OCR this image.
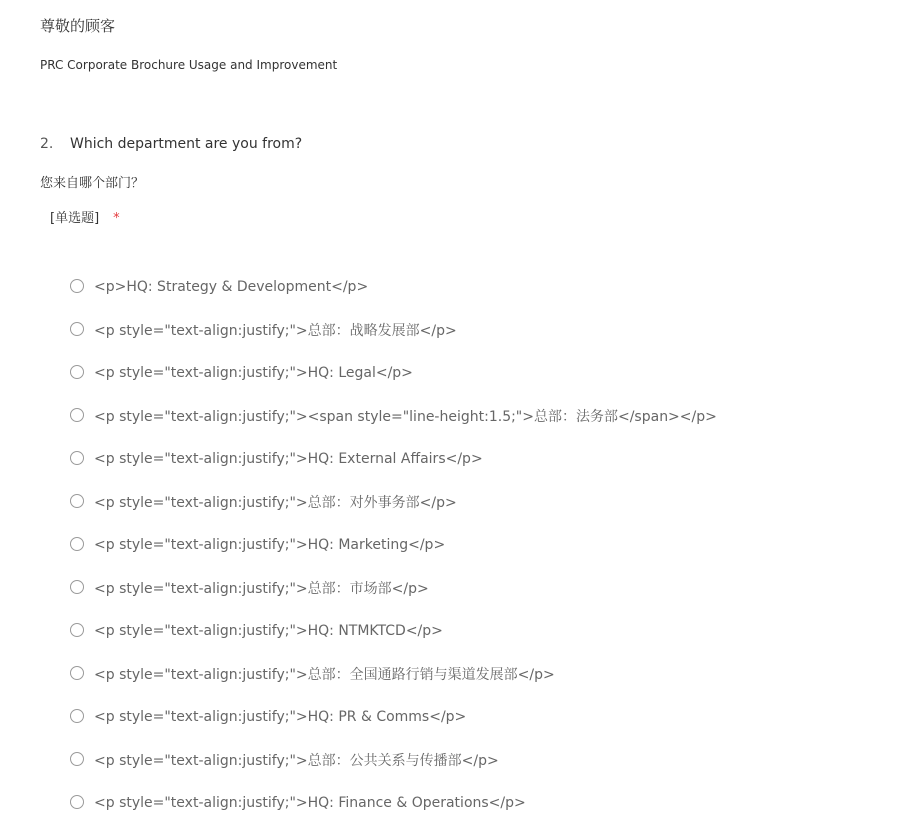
尊敬的顾客
PRC Corporate Brochure Usage and Improvement
2.	Which department are you from?
您来自哪个部门？
[单选题] *
<p>HQ: Strategy & Development</p>
<p style="text-align:justify;">总部：战略发展部</p>
<p style="text-align:justify;">HQ: Legal</p>
<p style="text-align:justify;"><span style="line-height:1.5;">总部：法务部</span></p>
<p style="text-align:justify;">HQ: External Affairs</p>
<p style="text-align:justify;">总部：对外事务部</p>
<p style="text-align:justify;">HQ: Marketing</p>
<p style="text-align:justify;">总部：市场部</p>
<p style="text-align:justify;">HQ: NTMKTCD</p>
<p style="text-align:justify;">总部：全国通路行销与渠道发展部</p>
<p style="text-align:justify;">HQ: PR & Comms</p>
<p style="text-align:justify;">总部：公共关系与传播部</p>
<p style="text-align:justify;">HQ: Finance & Operations</p>
